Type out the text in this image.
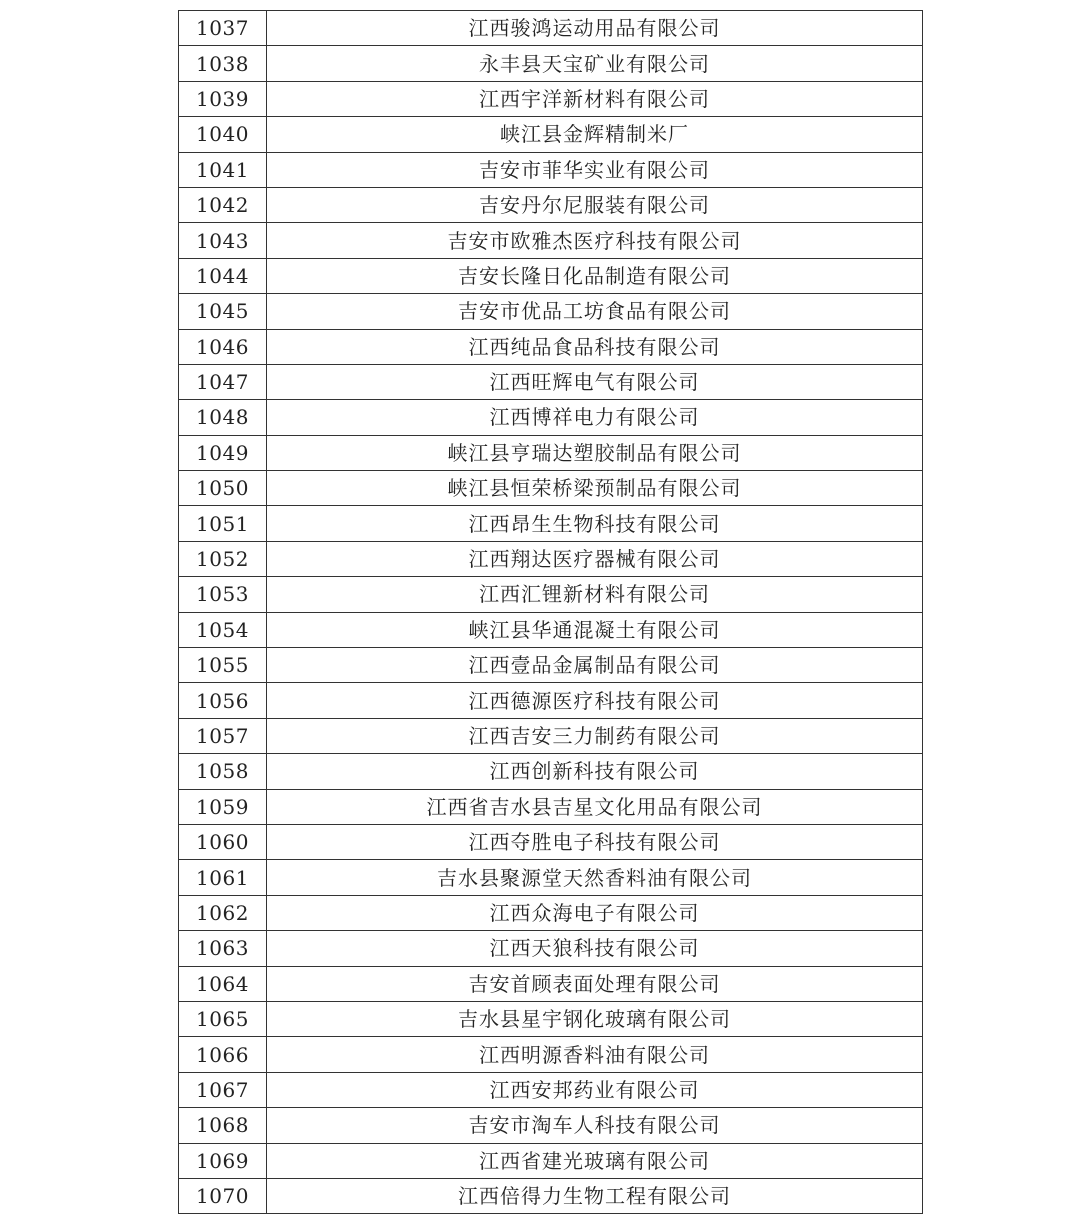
1037	江西骏鸿运动用品有限公司
1038	永丰县天宝矿业有限公司
1039	江西宇洋新材料有限公司
1040	峡江县金辉精制米厂
1041	吉安市菲华实业有限公司
1042	吉安丹尔尼服装有限公司
1043	吉安市欧雅杰医疗科技有限公司
1044	吉安长隆日化品制造有限公司
1045	吉安市优品工坊食品有限公司
1046	江西纯品食品科技有限公司
1047	江西旺辉电气有限公司
1048	江西博祥电力有限公司
1049	峡江县亨瑞达塑胶制品有限公司
1050	峡江县恒荣桥梁预制品有限公司
1051	江西昂生生物科技有限公司
1052	江西翔达医疗器械有限公司
1053	江西汇锂新材料有限公司
1054	峡江县华通混凝土有限公司
1055	江西壹品金属制品有限公司
1056	江西德源医疗科技有限公司
1057	江西吉安三力制药有限公司
1058	江西创新科技有限公司
1059	江西省吉水县吉星文化用品有限公司
1060	江西夺胜电子科技有限公司
1061	吉水县聚源堂天然香料油有限公司
1062	江西众海电子有限公司
1063	江西天狼科技有限公司
1064	吉安首顾表面处理有限公司
1065	吉水县星宇钢化玻璃有限公司
1066	江西明源香料油有限公司
1067	江西安邦药业有限公司
1068	吉安市淘车人科技有限公司
1069	江西省建光玻璃有限公司
1070	江西倍得力生物工程有限公司
